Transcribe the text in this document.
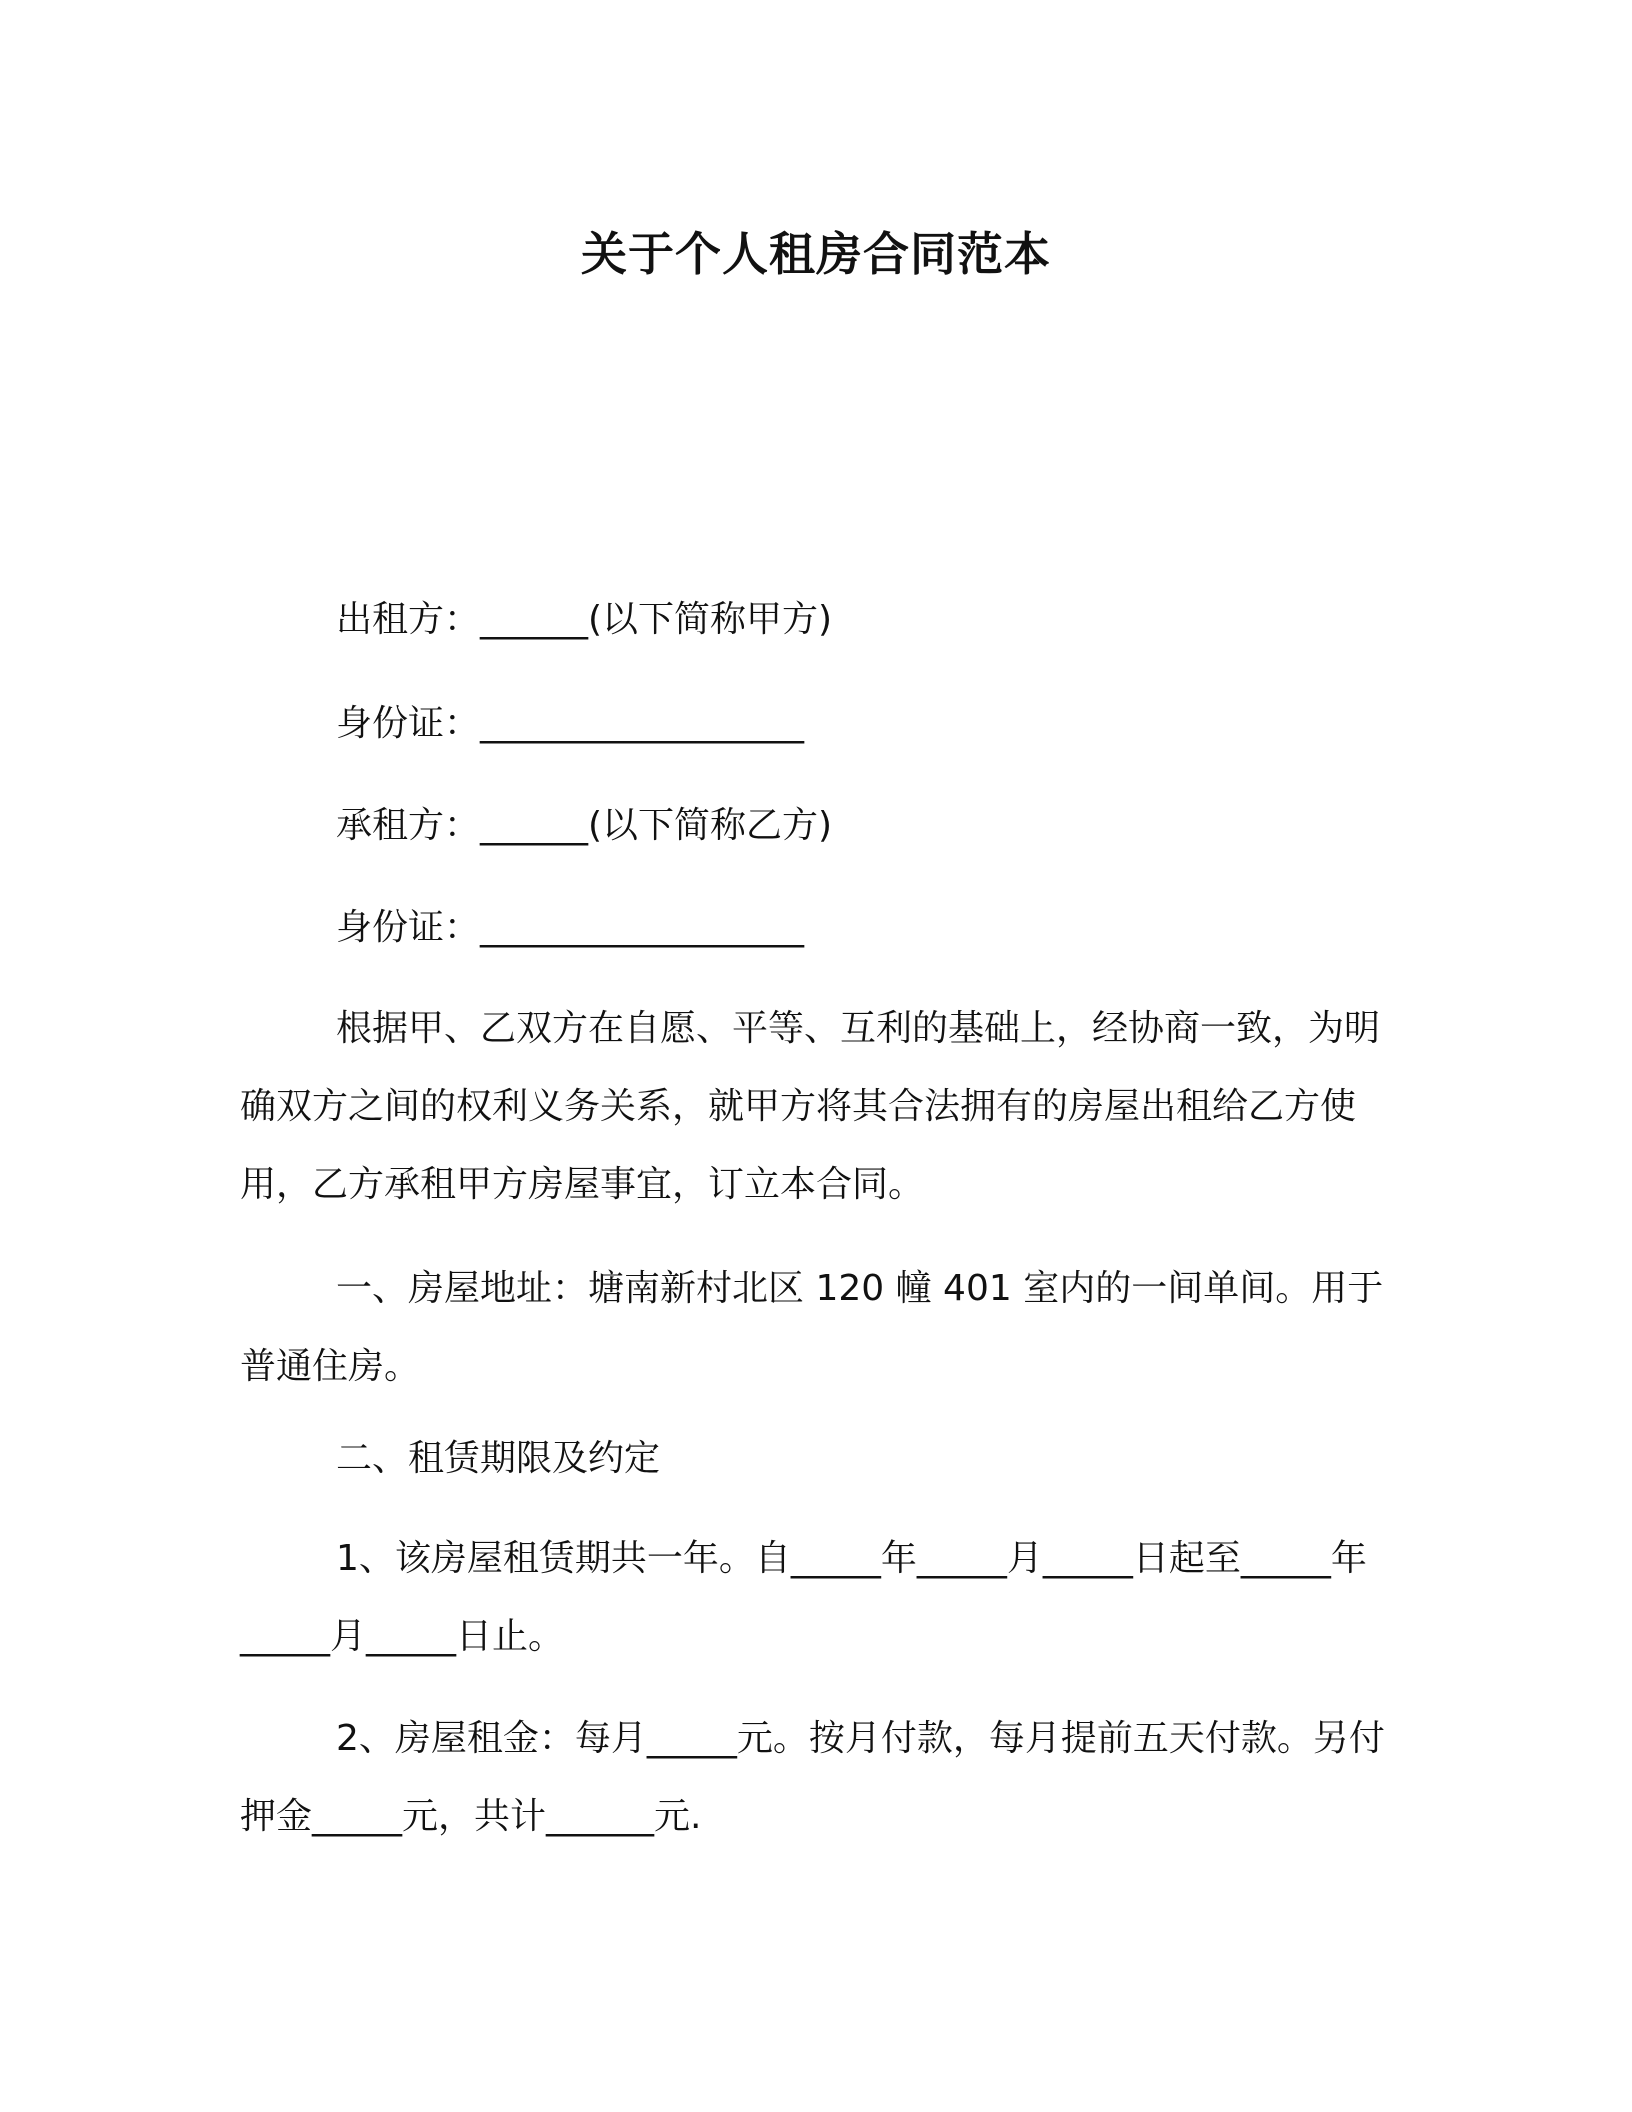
关于个人租房合同范本
出租方：______(以下简称甲方)
身份证：__________________
承租方：______(以下简称乙方)
身份证：__________________
根据甲、乙双方在自愿、平等、互利的基础上，经协商一致，为明确双方之间的权利义务关系，就甲方将其合法拥有的房屋出租给乙方使用，乙方承租甲方房屋事宜，订立本合同。
一、房屋地址：塘南新村北区 120 幢 401 室内的一间单间。用于普通住房。
二、租赁期限及约定
1、该房屋租赁期共一年。自_____年_____月_____日起至_____年_____月_____日止。
2、房屋租金：每月_____元。按月付款，每月提前五天付款。另付押金_____元，共计______元.
